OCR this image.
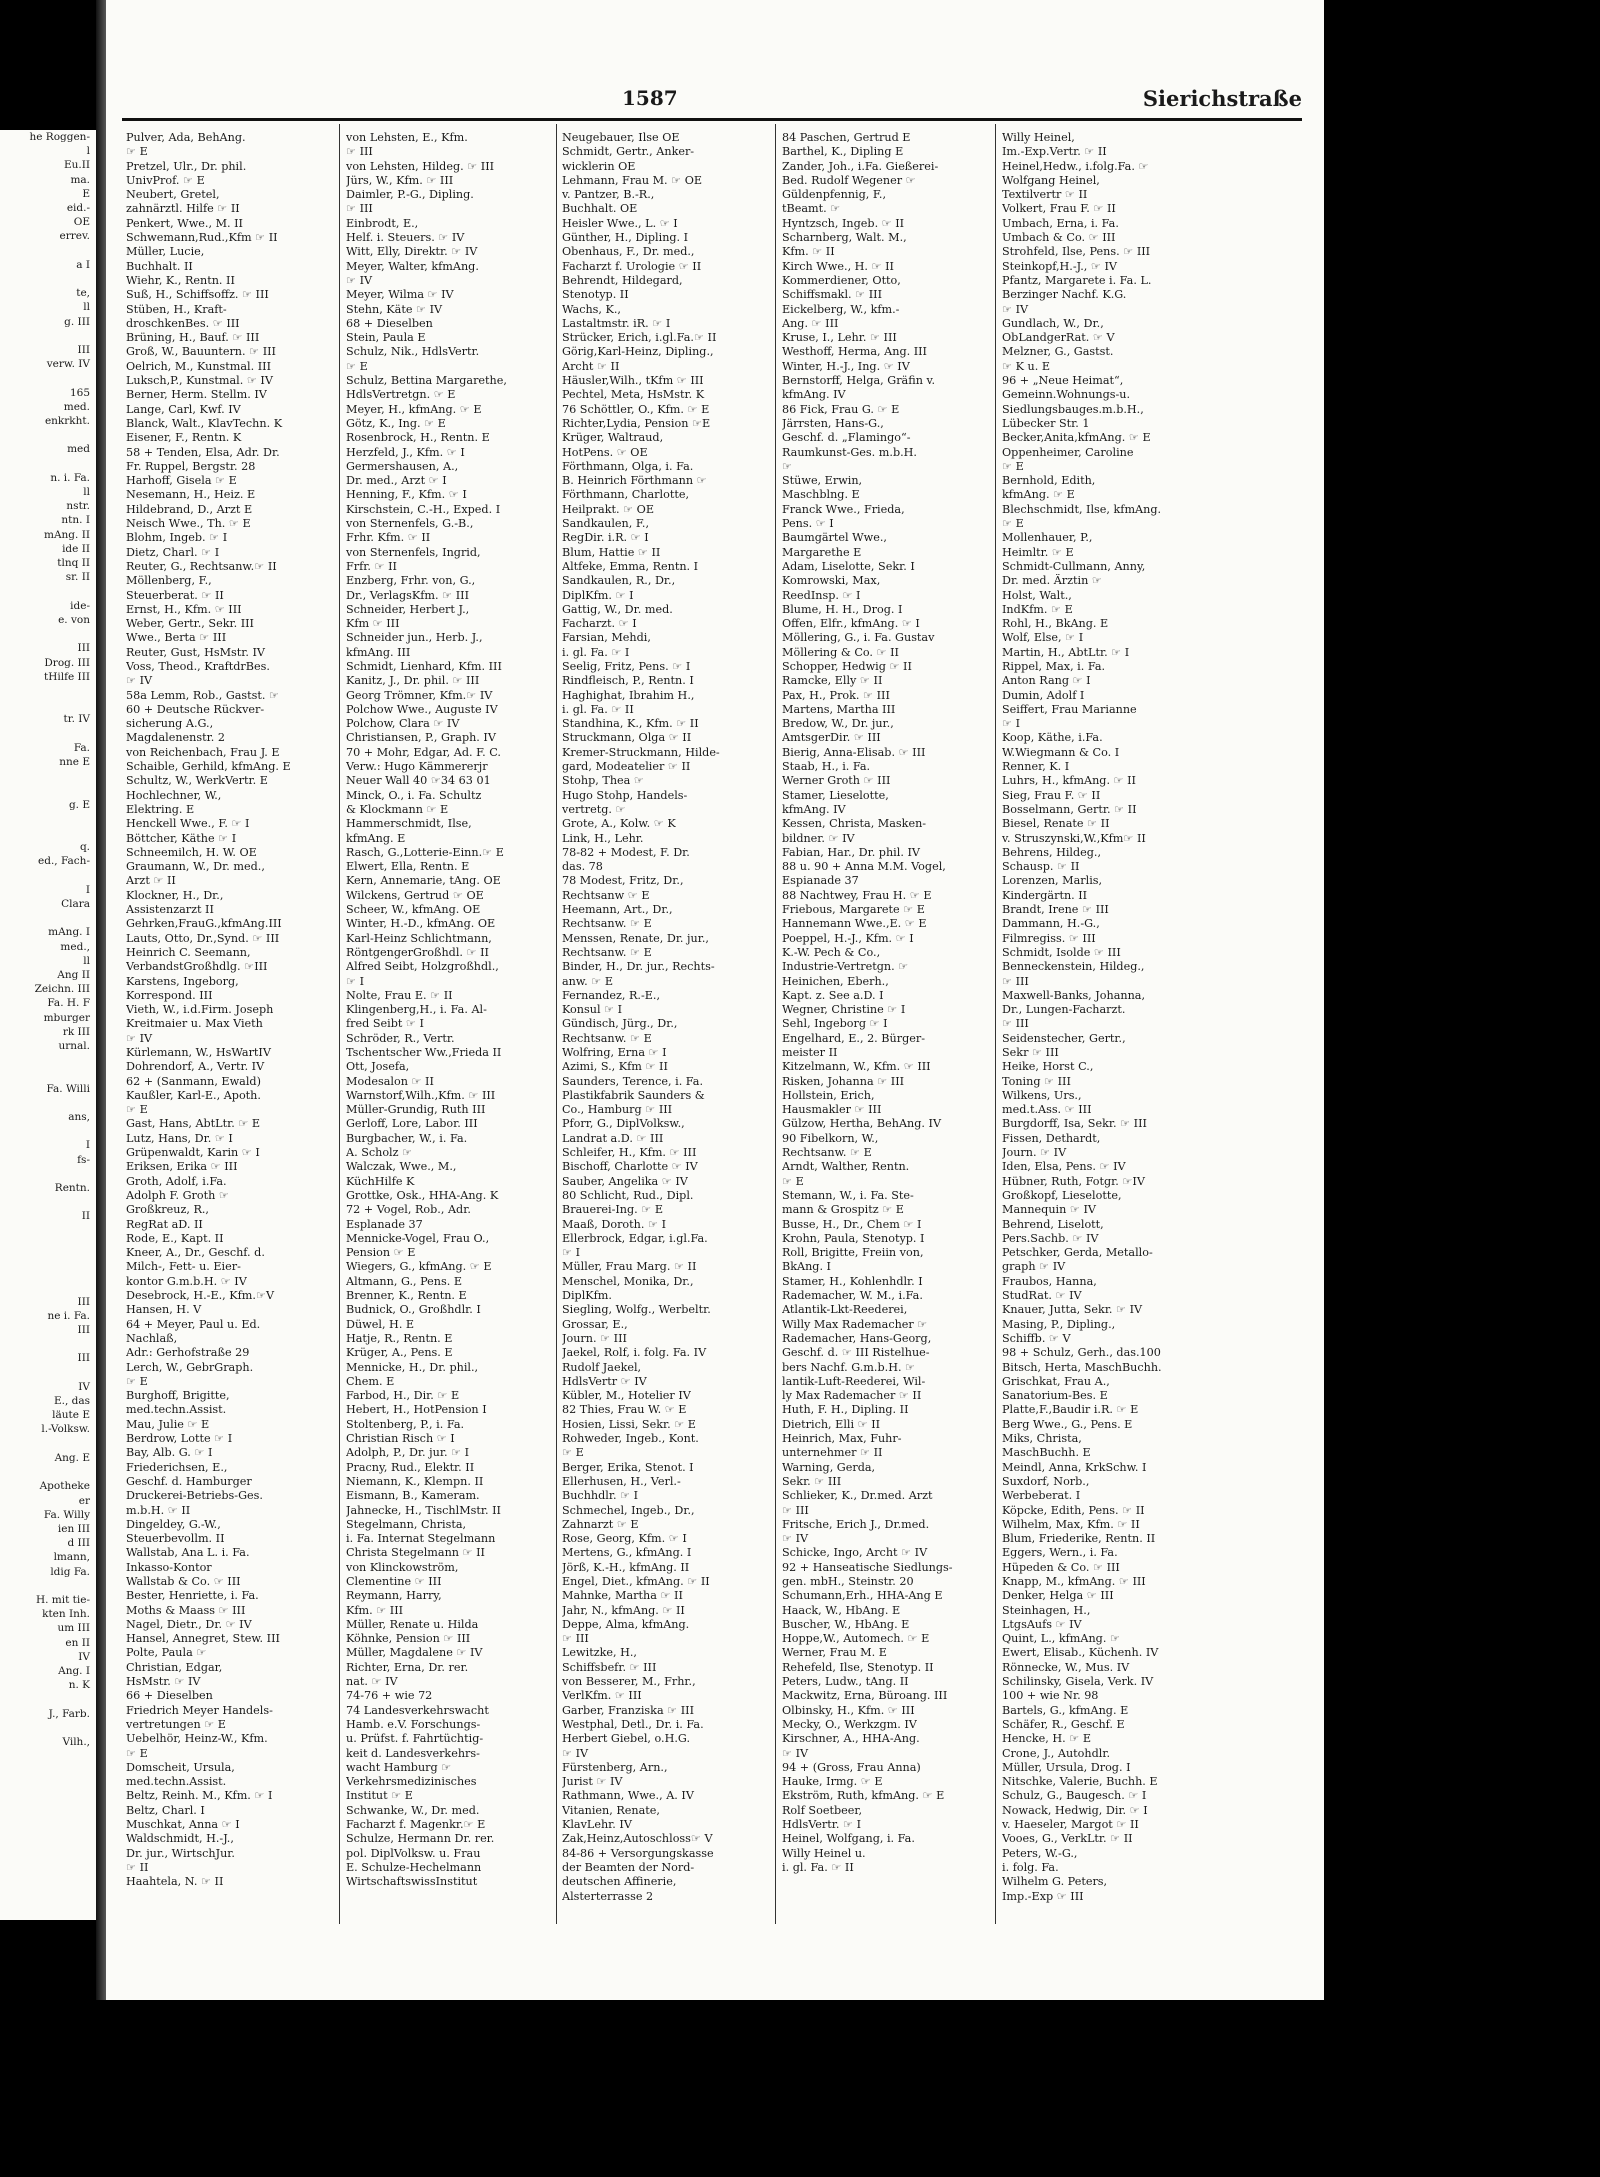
he Roggen-
l
Eu.II
ma.
E
eid.-
OE
errev.

a I

te,
ll
g. III

III
verw. IV

165
med.
enkrkht.

med

n. i. Fa.
ll
nstr.
ntn. I
mAng. II
ide II
tlnq II
sr. II

ide-
e. von

III
Drog. III
tHilfe III

tr. IV

Fa.
nne E

g. E

q.
ed., Fach-

I
Clara

mAng. I
med.,
ll
Ang II
Zeichn. III
Fa. H. F
mburger
rk III
urnal.

Fa. Willi

ans,

I
fs-

Rentn.

II

III
ne i. Fa.
III

III

IV
E., das
läute E
l.-Volksw.

Ang. E

Apotheke
er
Fa. Willy
ien III
d III
lmann,
ldig Fa.

H. mit tie-
kten Inh.
um III
en II
IV
Ang. I
n. K

J., Farb.

Vilh.,
1587	Sierichstraße
Pulver, Ada, BehAng.
☞ E
Pretzel, Ulr., Dr. phil.
UnivProf. ☞ E
Neubert, Gretel,
zahnärztl. Hilfe ☞ II
Penkert, Wwe., M. II
Schwemann,Rud.,Kfm ☞ II
Müller, Lucie,
Buchhalt. II
Wiehr, K., Rentn. II
Suß, H., Schiffsoffz. ☞ III
Stüben, H., Kraft-
droschkenBes. ☞ III
Brüning, H., Bauf. ☞ III
Groß, W., Bauuntern. ☞ III
Oelrich, M., Kunstmal. III
Luksch,P., Kunstmal. ☞ IV
Berner, Herm. Stellm. IV
Lange, Carl, Kwf. IV
Blanck, Walt., KlavTechn. K
Eisener, F., Rentn. K
58 + Tenden, Elsa, Adr. Dr.
Fr. Ruppel, Bergstr. 28
Harhoff, Gisela ☞ E
Nesemann, H., Heiz. E
Hildebrand, D., Arzt E
Neisch Wwe., Th. ☞ E
Blohm, Ingeb. ☞ I
Dietz, Charl. ☞ I
Reuter, G., Rechtsanw.☞ II
Möllenberg, F.,
Steuerberat. ☞ II
Ernst, H., Kfm. ☞ III
Weber, Gertr., Sekr. III
Wwe., Berta ☞ III
Reuter, Gust, HsMstr. IV
Voss, Theod., KraftdrBes.
☞ IV
58a Lemm, Rob., Gastst. ☞
60 + Deutsche Rückver-
sicherung A.G.,
Magdalenenstr. 2
von Reichenbach, Frau J. E
Schaible, Gerhild, kfmAng. E
Schultz, W., WerkVertr. E
Hochlechner, W.,
Elektring. E
Henckell Wwe., F. ☞ I
Böttcher, Käthe ☞ I
Schneemilch, H. W. OE
Graumann, W., Dr. med.,
Arzt ☞ II
Klockner, H., Dr.,
Assistenzarzt II
Gehrken,FrauG.,kfmAng.III
Lauts, Otto, Dr.,Synd. ☞ III
Heinrich C. Seemann,
VerbandstGroßhdlg. ☞III
Karstens, Ingeborg,
Korrespond. III
Vieth, W., i.d.Firm. Joseph
Kreitmaier u. Max Vieth
☞ IV
Kürlemann, W., HsWartIV
Dohrendorf, A., Vertr. IV
62 + (Sanmann, Ewald)
Kaußler, Karl-E., Apoth.
☞ E
Gast, Hans, AbtLtr. ☞ E
Lutz, Hans, Dr. ☞ I
Grüpenwaldt, Karin ☞ I
Eriksen, Erika ☞ III
Groth, Adolf, i.Fa.
Adolph F. Groth ☞
Großkreuz, R.,
RegRat aD. II
Rode, E., Kapt. II
Kneer, A., Dr., Geschf. d.
Milch-, Fett- u. Eier-
kontor G.m.b.H. ☞ IV
Desebrock, H.-E., Kfm.☞V
Hansen, H. V
64 + Meyer, Paul u. Ed.
Nachlaß,
Adr.: Gerhofstraße 29
Lerch, W., GebrGraph.
☞ E
Burghoff, Brigitte,
med.techn.Assist.
Mau, Julie ☞ E
Berdrow, Lotte ☞ I
Bay, Alb. G. ☞ I
Friederichsen, E.,
Geschf. d. Hamburger
Druckerei-Betriebs-Ges.
m.b.H. ☞ II
Dingeldey, G.-W.,
Steuerbevollm. II
Wallstab, Ana L. i. Fa.
Inkasso-Kontor
Wallstab & Co. ☞ III
Bester, Henriette, i. Fa.
Moths & Maass ☞ III
Nagel, Dietr., Dr. ☞ IV
Hansel, Annegret, Stew. III
Polte, Paula ☞
Christian, Edgar,
HsMstr. ☞ IV
66 + Dieselben
Friedrich Meyer Handels-
vertretungen ☞ E
Uebelhör, Heinz-W., Kfm.
☞ E
Domscheit, Ursula,
med.techn.Assist.
Beltz, Reinh. M., Kfm. ☞ I
Beltz, Charl. I
Muschkat, Anna ☞ I
Waldschmidt, H.-J.,
Dr. jur., WirtschJur.
☞ II
Haahtela, N. ☞ II
von Lehsten, E., Kfm.
☞ III
von Lehsten, Hildeg. ☞ III
Jürs, W., Kfm. ☞ III
Daimler, P.-G., Dipling.
☞ III
Einbrodt, E.,
Helf. i. Steuers. ☞ IV
Witt, Elly, Direktr. ☞ IV
Meyer, Walter, kfmAng.
☞ IV
Meyer, Wilma ☞ IV
Stehn, Käte ☞ IV
68 + Dieselben
Stein, Paula E
Schulz, Nik., HdlsVertr.
☞ E
Schulz, Bettina Margarethe,
HdlsVertretgn. ☞ E
Meyer, H., kfmAng. ☞ E
Götz, K., Ing. ☞ E
Rosenbrock, H., Rentn. E
Herzfeld, J., Kfm. ☞ I
Germershausen, A.,
Dr. med., Arzt ☞ I
Henning, F., Kfm. ☞ I
Kirschstein, C.-H., Exped. I
von Sternenfels, G.-B.,
Frhr. Kfm. ☞ II
von Sternenfels, Ingrid,
Frfr. ☞ II
Enzberg, Frhr. von, G.,
Dr., VerlagsKfm. ☞ III
Schneider, Herbert J.,
Kfm ☞ III
Schneider jun., Herb. J.,
kfmAng. III
Schmidt, Lienhard, Kfm. III
Kanitz, J., Dr. phil. ☞ III
Georg Trömner, Kfm.☞ IV
Polchow Wwe., Auguste IV
Polchow, Clara ☞ IV
Christiansen, P., Graph. IV
70 + Mohr, Edgar, Ad. F. C.
Verw.: Hugo Kämmererjr
Neuer Wall 40 ☞34 63 01
Minck, O., i. Fa. Schultz
& Klockmann ☞ E
Hammerschmidt, Ilse,
kfmAng. E
Rasch, G.,Lotterie-Einn.☞ E
Elwert, Ella, Rentn. E
Kern, Annemarie, tAng. OE
Wilckens, Gertrud ☞ OE
Scheer, W., kfmAng. OE
Winter, H.-D., kfmAng. OE
Karl-Heinz Schlichtmann,
RöntgengerGroßhdl. ☞ II
Alfred Seibt, Holzgroßhdl.,
☞ I
Nolte, Frau E. ☞ II
Klingenberg,H., i. Fa. Al-
fred Seibt ☞ I
Schröder, R., Vertr.
Tschentscher Ww.,Frieda II
Ott, Josefa,
Modesalon ☞ II
Warnstorf,Wilh.,Kfm. ☞ III
Müller-Grundig, Ruth III
Gerloff, Lore, Labor. III
Burgbacher, W., i. Fa.
A. Scholz ☞
Walczak, Wwe., M.,
KüchHilfe K
Grottke, Osk., HHA-Ang. K
72 + Vogel, Rob., Adr.
Esplanade 37
Mennicke-Vogel, Frau O.,
Pension ☞ E
Wiegers, G., kfmAng. ☞ E
Altmann, G., Pens. E
Brenner, K., Rentn. E
Budnick, O., Großhdlr. I
Düwel, H. E
Hatje, R., Rentn. E
Krüger, A., Pens. E
Mennicke, H., Dr. phil.,
Chem. E
Farbod, H., Dir. ☞ E
Hebert, H., HotPension I
Stoltenberg, P., i. Fa.
Christian Risch ☞ I
Adolph, P., Dr. jur. ☞ I
Pracny, Rud., Elektr. II
Niemann, K., Klempn. II
Eismann, B., Kameram.
Jahnecke, H., TischlMstr. II
Stegelmann, Christa,
i. Fa. Internat Stegelmann
Christa Stegelmann ☞ II
von Klinckowström,
Clementine ☞ III
Reymann, Harry,
Kfm. ☞ III
Müller, Renate u. Hilda
Köhnke, Pension ☞ III
Müller, Magdalene ☞ IV
Richter, Erna, Dr. rer.
nat. ☞ IV
74-76 + wie 72
74 Landesverkehrswacht
Hamb. e.V. Forschungs-
u. Prüfst. f. Fahrtüchtig-
keit d. Landesverkehrs-
wacht Hamburg ☞
Verkehrsmedizinisches
Institut ☞ E
Schwanke, W., Dr. med.
Facharzt f. Magenkr.☞ E
Schulze, Hermann Dr. rer.
pol. DiplVolksw. u. Frau
E. Schulze-Hechelmann
WirtschaftswissInstitut
Neugebauer, Ilse OE
Schmidt, Gertr., Anker-
wicklerin OE
Lehmann, Frau M. ☞ OE
v. Pantzer, B.-R.,
Buchhalt. OE
Heisler Wwe., L. ☞ I
Günther, H., Dipling. I
Obenhaus, F., Dr. med.,
Facharzt f. Urologie ☞ II
Behrendt, Hildegard,
Stenotyp. II
Wachs, K.,
Lastaltmstr. iR. ☞ I
Strücker, Erich, i.gl.Fa.☞ II
Görig,Karl-Heinz, Dipling.,
Archt ☞ II
Häusler,Wilh., tKfm ☞ III
Pechtel, Meta, HsMstr. K
76 Schöttler, O., Kfm. ☞ E
Richter,Lydia, Pension ☞E
Krüger, Waltraud,
HotPens. ☞ OE
Förthmann, Olga, i. Fa.
B. Heinrich Förthmann ☞
Förthmann, Charlotte,
Heilprakt. ☞ OE
Sandkaulen, F.,
RegDir. i.R. ☞ I
Blum, Hattie ☞ II
Altfeke, Emma, Rentn. I
Sandkaulen, R., Dr.,
DiplKfm. ☞ I
Gattig, W., Dr. med.
Facharzt. ☞ I
Farsian, Mehdi,
i. gl. Fa. ☞ I
Seelig, Fritz, Pens. ☞ I
Rindfleisch, P., Rentn. I
Haghighat, Ibrahim H.,
i. gl. Fa. ☞ II
Standhina, K., Kfm. ☞ II
Struckmann, Olga ☞ II
Kremer-Struckmann, Hilde-
gard, Modeatelier ☞ II
Stohp, Thea ☞
Hugo Stohp, Handels-
vertretg. ☞
Grote, A., Kolw. ☞ K
Link, H., Lehr.
78-82 + Modest, F. Dr.
das. 78
78 Modest, Fritz, Dr.,
Rechtsanw ☞ E
Heemann, Art., Dr.,
Rechtsanw. ☞ E
Menssen, Renate, Dr. jur.,
Rechtsanw. ☞ E
Binder, H., Dr. jur., Rechts-
anw. ☞ E
Fernandez, R.-E.,
Konsul ☞ I
Gündisch, Jürg., Dr.,
Rechtsanw. ☞ E
Wolfring, Erna ☞ I
Azimi, S., Kfm ☞ II
Saunders, Terence, i. Fa.
Plastikfabrik Saunders &
Co., Hamburg ☞ III
Pforr, G., DiplVolksw.,
Landrat a.D. ☞ III
Schleifer, H., Kfm. ☞ III
Bischoff, Charlotte ☞ IV
Sauber, Angelika ☞ IV
80 Schlicht, Rud., Dipl.
Brauerei-Ing. ☞ E
Maaß, Doroth. ☞ I
Ellerbrock, Edgar, i.gl.Fa.
☞ I
Müller, Frau Marg. ☞ II
Menschel, Monika, Dr.,
DiplKfm.
Siegling, Wolfg., Werbeltr.
Grossar, E.,
Journ. ☞ III
Jaekel, Rolf, i. folg. Fa. IV
Rudolf Jaekel,
HdlsVertr ☞ IV
Kübler, M., Hotelier IV
82 Thies, Frau W. ☞ E
Hosien, Lissi, Sekr. ☞ E
Rohweder, Ingeb., Kont.
☞ E
Berger, Erika, Stenot. I
Ellerhusen, H., Verl.-
Buchhdlr. ☞ I
Schmechel, Ingeb., Dr.,
Zahnarzt ☞ E
Rose, Georg, Kfm. ☞ I
Mertens, G., kfmAng. I
Jörß, K.-H., kfmAng. II
Engel, Diet., kfmAng. ☞ II
Mahnke, Martha ☞ II
Jahr, N., kfmAng. ☞ II
Deppe, Alma, kfmAng.
☞ III
Lewitzke, H.,
Schiffsbefr. ☞ III
von Besserer, M., Frhr.,
VerlKfm. ☞ III
Garber, Franziska ☞ III
Westphal, Detl., Dr. i. Fa.
Herbert Giebel, o.H.G.
☞ IV
Fürstenberg, Arn.,
Jurist ☞ IV
Rathmann, Wwe., A. IV
Vitanien, Renate,
KlavLehr. IV
Zak,Heinz,Autoschloss☞ V
84-86 + Versorgungskasse
der Beamten der Nord-
deutschen Affinerie,
Alsterterrasse 2
84 Paschen, Gertrud E
Barthel, K., Dipling E
Zander, Joh., i.Fa. Gießerei-
Bed. Rudolf Wegener ☞
Güldenpfennig, F.,
tBeamt. ☞
Hyntzsch, Ingeb. ☞ II
Scharnberg, Walt. M.,
Kfm. ☞ II
Kirch Wwe., H. ☞ II
Kommerdiener, Otto,
Schiffsmakl. ☞ III
Eickelberg, W., kfm.-
Ang. ☞ III
Kruse, I., Lehr. ☞ III
Westhoff, Herma, Ang. III
Winter, H.-J., Ing. ☞ IV
Bernstorff, Helga, Gräfin v.
kfmAng. IV
86 Fick, Frau G. ☞ E
Järrsten, Hans-G.,
Geschf. d. „Flamingo“-
Raumkunst-Ges. m.b.H.
☞
Stüwe, Erwin,
Maschblng. E
Franck Wwe., Frieda,
Pens. ☞ I
Baumgärtel Wwe.,
Margarethe E
Adam, Liselotte, Sekr. I
Komrowski, Max,
ReedInsp. ☞ I
Blume, H. H., Drog. I
Offen, Elfr., kfmAng. ☞ I
Möllering, G., i. Fa. Gustav
Möllering & Co. ☞ II
Schopper, Hedwig ☞ II
Ramcke, Elly ☞ II
Pax, H., Prok. ☞ III
Martens, Martha III
Bredow, W., Dr. jur.,
AmtsgerDir. ☞ III
Bierig, Anna-Elisab. ☞ III
Staab, H., i. Fa.
Werner Groth ☞ III
Stamer, Lieselotte,
kfmAng. IV
Kessen, Christa, Masken-
bildner. ☞ IV
Fabian, Har., Dr. phil. IV
88 u. 90 + Anna M.M. Vogel,
Espianade 37
88 Nachtwey, Frau H. ☞ E
Friebous, Margarete ☞ E
Hannemann Wwe.,E. ☞ E
Poeppel, H.-J., Kfm. ☞ I
K.-W. Pech & Co.,
Industrie-Vertretgn. ☞
Heinichen, Eberh.,
Kapt. z. See a.D. I
Wegner, Christine ☞ I
Sehl, Ingeborg ☞ I
Engelhard, E., 2. Bürger-
meister II
Kitzelmann, W., Kfm. ☞ III
Risken, Johanna ☞ III
Hollstein, Erich,
Hausmakler ☞ III
Gülzow, Hertha, BehAng. IV
90 Fibelkorn, W.,
Rechtsanw. ☞ E
Arndt, Walther, Rentn.
☞ E
Stemann, W., i. Fa. Ste-
mann & Grospitz ☞ E
Busse, H., Dr., Chem ☞ I
Krohn, Paula, Stenotyp. I
Roll, Brigitte, Freiin von,
BkAng. I
Stamer, H., Kohlenhdlr. I
Rademacher, W. M., i.Fa.
Atlantik-Lkt-Reederei,
Willy Max Rademacher ☞
Rademacher, Hans-Georg,
Geschf. d. ☞ III Ristelhue-
bers Nachf. G.m.b.H. ☞
lantik-Luft-Reederei, Wil-
ly Max Rademacher ☞ II
Huth, F. H., Dipling. II
Dietrich, Elli ☞ II
Heinrich, Max, Fuhr-
unternehmer ☞ II
Warning, Gerda,
Sekr. ☞ III
Schlieker, K., Dr.med. Arzt
☞ III
Fritsche, Erich J., Dr.med.
☞ IV
Schicke, Ingo, Archt ☞ IV
92 + Hanseatische Siedlungs-
gen. mbH., Steinstr. 20
Schumann,Erh., HHA-Ang E
Haack, W., HbAng. E
Buscher, W., HbAng. E
Hoppe,W., Automech. ☞ E
Werner, Frau M. E
Rehefeld, Ilse, Stenotyp. II
Peters, Ludw., tAng. II
Mackwitz, Erna, Büroang. III
Olbinsky, H., Kfm. ☞ III
Mecky, O., Werkzgm. IV
Kirschner, A., HHA-Ang.
☞ IV
94 + (Gross, Frau Anna)
Hauke, Irmg. ☞ E
Ekström, Ruth, kfmAng. ☞ E
Rolf Soetbeer,
HdlsVertr. ☞ I
Heinel, Wolfgang, i. Fa.
Willy Heinel u.
i. gl. Fa. ☞ II
Willy Heinel,
Im.-Exp.Vertr. ☞ II
Heinel,Hedw., i.folg.Fa. ☞
Wolfgang Heinel,
Textilvertr ☞ II
Volkert, Frau F. ☞ II
Umbach, Erna, i. Fa.
Umbach & Co. ☞ III
Strohfeld, Ilse, Pens. ☞ III
Steinkopf,H.-J., ☞ IV
Pfantz, Margarete i. Fa. L.
Berzinger Nachf. K.G.
☞ IV
Gundlach, W., Dr.,
ObLandgerRat. ☞ V
Melzner, G., Gastst.
☞ K u. E
96 + „Neue Heimat“,
Gemeinn.Wohnungs-u.
Siedlungsbauges.m.b.H.,
Lübecker Str. 1
Becker,Anita,kfmAng. ☞ E
Oppenheimer, Caroline
☞ E
Bernhold, Edith,
kfmAng. ☞ E
Blechschmidt, Ilse, kfmAng.
☞ E
Mollenhauer, P.,
Heimltr. ☞ E
Schmidt-Cullmann, Anny,
Dr. med. Ärztin ☞
Holst, Walt.,
IndKfm. ☞ E
Rohl, H., BkAng. E
Wolf, Else, ☞ I
Martin, H., AbtLtr. ☞ I
Rippel, Max, i. Fa.
Anton Rang ☞ I
Dumin, Adolf I
Seiffert, Frau Marianne
☞ I
Koop, Käthe, i.Fa.
W.Wiegmann & Co. I
Renner, K. I
Luhrs, H., kfmAng. ☞ II
Sieg, Frau F. ☞ II
Bosselmann, Gertr. ☞ II
Biesel, Renate ☞ II
v. Struszynski,W.,Kfm☞ II
Behrens, Hildeg.,
Schausp. ☞ II
Lorenzen, Marlis,
Kindergärtn. II
Brandt, Irene ☞ III
Dammann, H.-G.,
Filmregiss. ☞ III
Schmidt, Isolde ☞ III
Benneckenstein, Hildeg.,
☞ III
Maxwell-Banks, Johanna,
Dr., Lungen-Facharzt.
☞ III
Seidenstecher, Gertr.,
Sekr ☞ III
Heike, Horst C.,
Toning ☞ III
Wilkens, Urs.,
med.t.Ass. ☞ III
Burgdorff, Isa, Sekr. ☞ III
Fissen, Dethardt,
Journ. ☞ IV
Iden, Elsa, Pens. ☞ IV
Hübner, Ruth, Fotgr. ☞IV
Großkopf, Lieselotte,
Mannequin ☞ IV
Behrend, Liselott,
Pers.Sachb. ☞ IV
Petschker, Gerda, Metallo-
graph ☞ IV
Fraubos, Hanna,
StudRat. ☞ IV
Knauer, Jutta, Sekr. ☞ IV
Masing, P., Dipling.,
Schiffb. ☞ V
98 + Schulz, Gerh., das.100
Bitsch, Herta, MaschBuchh.
Grischkat, Frau A.,
Sanatorium-Bes. E
Platte,F.,Baudir i.R. ☞ E
Berg Wwe., G., Pens. E
Miks, Christa,
MaschBuchh. E
Meindl, Anna, KrkSchw. I
Suxdorf, Norb.,
Werbeberat. I
Köpcke, Edith, Pens. ☞ II
Wilhelm, Max, Kfm. ☞ II
Blum, Friederike, Rentn. II
Eggers, Wern., i. Fa.
Hüpeden & Co. ☞ III
Knapp, M., kfmAng. ☞ III
Denker, Helga ☞ III
Steinhagen, H.,
LtgsAufs ☞ IV
Quint, L., kfmAng. ☞
Ewert, Elisab., Küchenh. IV
Rönnecke, W., Mus. IV
Schilinsky, Gisela, Verk. IV
100 + wie Nr. 98
Bartels, G., kfmAng. E
Schäfer, R., Geschf. E
Hencke, H. ☞ E
Crone, J., Autohdlr.
Müller, Ursula, Drog. I
Nitschke, Valerie, Buchh. E
Schulz, G., Baugesch. ☞ I
Nowack, Hedwig, Dir. ☞ I
v. Haeseler, Margot ☞ II
Vooes, G., VerkLtr. ☞ II
Peters, W.-G.,
i. folg. Fa.
Wilhelm G. Peters,
Imp.-Exp ☞ III
